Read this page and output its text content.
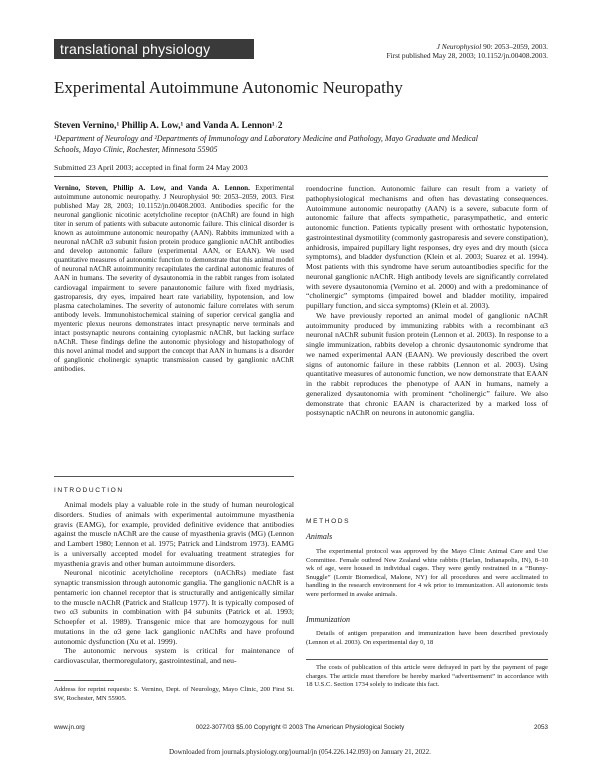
translational physiology	J Neurophysiol 90: 2053–2059, 2003.
First published May 28, 2003; 10.1152/jn.00408.2003.
Experimental Autoimmune Autonomic Neuropathy
Steven Vernino,¹ Phillip A. Low,¹ and Vanda A. Lennon¹˒2
¹Department of Neurology and ²Departments of Immunology and Laboratory Medicine and Pathology, Mayo Graduate and Medical
Schools, Mayo Clinic, Rochester, Minnesota 55905
Submitted 23 April 2003; accepted in final form 24 May 2003
Vernino, Steven, Phillip A. Low, and Vanda A. Lennon. Experimental autoimmune autonomic neuropathy. J Neurophysiol 90: 2053–2059, 2003. First published May 28, 2003; 10.1152/jn.00408.2003. Antibodies specific for the neuronal ganglionic nicotinic acetylcholine receptor (nAChR) are found in high titer in serum of patients with subacute autonomic failure. This clinical disorder is known as autoimmune autonomic neuropathy (AAN). Rabbits immunized with a neuronal nAChR α3 subunit fusion protein produce ganglionic nAChR antibodies and develop autonomic failure (experimental AAN, or EAAN). We used quantitative measures of autonomic function to demonstrate that this animal model of neuronal nAChR autoimmunity recapitulates the cardinal autonomic features of AAN in humans. The severity of dysautonomia in the rabbit ranges from isolated cardiovagal impairment to severe panautonomic failure with fixed mydriasis, gastroparesis, dry eyes, impaired heart rate variability, hypotension, and low plasma catecholamines. The severity of autonomic failure correlates with serum antibody levels. Immunohistochemical staining of superior cervical ganglia and myenteric plexus neurons demonstrates intact presynaptic nerve terminals and intact postsynaptic neurons containing cytoplasmic nAChR, but lacking surface nAChR. These findings define the autonomic physiology and histopathology of this novel animal model and support the concept that AAN in humans is a disorder of ganglionic cholinergic synaptic transmission caused by ganglionic nAChR antibodies.
INTRODUCTION

Animal models play a valuable role in the study of human neurological disorders. Studies of animals with experimental autoimmune myasthenia gravis (EAMG), for example, provided definitive evidence that antibodies against the muscle nAChR are the cause of myasthenia gravis (MG) (Lennon and Lambert 1980; Lennon et al. 1975; Patrick and Lindstrom 1973). EAMG is a universally accepted model for evaluating treatment strategies for myasthenia gravis and other human autoimmune disorders.

Neuronal nicotinic acetylcholine receptors (nAChRs) mediate fast synaptic transmission through autonomic ganglia. The ganglionic nAChR is a pentameric ion channel receptor that is structurally and antigenically similar to the muscle nAChR (Patrick and Stallcup 1977). It is typically composed of two α3 subunits in combination with β4 subunits (Patrick et al. 1993; Schoepfer et al. 1989). Transgenic mice that are homozygous for null mutations in the α3 gene lack ganglionic nAChRs and have profound autonomic dysfunction (Xu et al. 1999).

The autonomic nervous system is critical for maintenance of cardiovascular, thermoregulatory, gastrointestinal, and neu-

Address for reprint requests: S. Vernino, Dept. of Neurology, Mayo Clinic, 200 First St. SW, Rochester, MN 55905.

roendocrine function. Autonomic failure can result from a variety of pathophysiological mechanisms and often has devastating consequences. Autoimmune autonomic neuropathy (AAN) is a severe, subacute form of autonomic failure that affects sympathetic, parasympathetic, and enteric autonomic function. Patients typically present with orthostatic hypotension, gastrointestinal dysmotility (commonly gastroparesis and severe constipation), anhidrosis, impaired pupillary light responses, dry eyes and dry mouth (sicca symptoms), and bladder dysfunction (Klein et al. 2003; Suarez et al. 1994). Most patients with this syndrome have serum autoantibodies specific for the neuronal ganglionic nAChR. High antibody levels are significantly correlated with severe dysautonomia (Vernino et al. 2000) and with a predominance of “cholinergic” symptoms (impaired bowel and bladder motility, impaired pupillary function, and sicca symptoms) (Klein et al. 2003).

We have previously reported an animal model of ganglionic nAChR autoimmunity produced by immunizing rabbits with a recombinant α3 neuronal nAChR subunit fusion protein (Lennon et al. 2003). In response to a single immunization, rabbits develop a chronic dysautonomic syndrome that we named experimental AAN (EAAN). We previously described the overt signs of autonomic failure in these rabbits (Lennon et al. 2003). Using quantitative measures of autonomic function, we now demonstrate that EAAN in the rabbit reproduces the phenotype of AAN in humans, namely a generalized dysautonomia with prominent “cholinergic” failure. We also demonstrate that chronic EAAN is characterized by a marked loss of postsynaptic nAChR on neurons in autonomic ganglia.

METHODS
Animals

The experimental protocol was approved by the Mayo Clinic Animal Care and Use Committee. Female outbred New Zealand white rabbits (Harlan, Indianapolis, IN), 8–10 wk of age, were housed in individual cages. They were gently restrained in a “Bunny-Snuggle” (Lomir Biomedical, Malone, NY) for all procedures and were acclimated to handling in the research environment for 4 wk prior to immunization. All autonomic tests were performed in awake animals.

Immunization

Details of antigen preparation and immunization have been described previously (Lennon et al. 2003). On experimental day 0, 18

The costs of publication of this article were defrayed in part by the payment of page charges. The article must therefore be hereby marked “advertisement” in accordance with 18 U.S.C. Section 1734 solely to indicate this fact.

www.jn.org	0022-3077/03 $5.00 Copyright © 2003 The American Physiological Society	2053
Downloaded from journals.physiology.org/journal/jn (054.226.142.093) on January 21, 2022.
